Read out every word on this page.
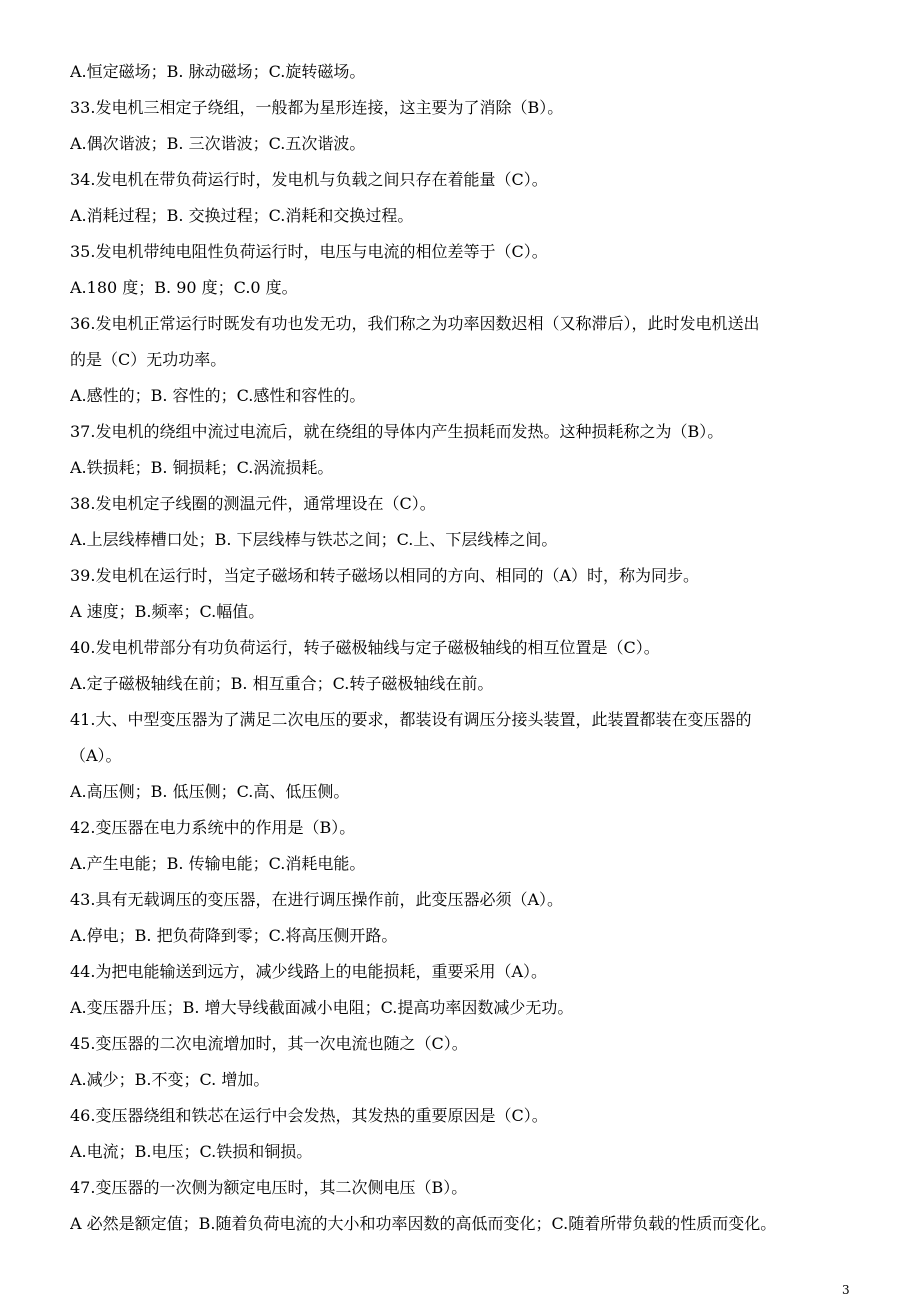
A.恒定磁场；B. 脉动磁场；C.旋转磁场。
33.发电机三相定子绕组，一般都为星形连接，这主要为了消除（B）。
A.偶次谐波；B. 三次谐波；C.五次谐波。
34.发电机在带负荷运行时，发电机与负载之间只存在着能量（C）。
A.消耗过程；B. 交换过程；C.消耗和交换过程。
35.发电机带纯电阻性负荷运行时，电压与电流的相位差等于（C）。
A.180 度；B. 90 度；C.0 度。
36.发电机正常运行时既发有功也发无功，我们称之为功率因数迟相（又称滞后），此时发电机送出
的是（C）无功功率。
A.感性的；B. 容性的；C.感性和容性的。
37.发电机的绕组中流过电流后，就在绕组的导体内产生损耗而发热。这种损耗称之为（B）。
A.铁损耗；B. 铜损耗；C.涡流损耗。
38.发电机定子线圈的测温元件，通常埋设在（C）。
A.上层线棒槽口处；B. 下层线棒与铁芯之间；C.上、下层线棒之间。
39.发电机在运行时，当定子磁场和转子磁场以相同的方向、相同的（A）时，称为同步。
A 速度；B.频率；C.幅值。
40.发电机带部分有功负荷运行，转子磁极轴线与定子磁极轴线的相互位置是（C）。
A.定子磁极轴线在前；B. 相互重合；C.转子磁极轴线在前。
41.大、中型变压器为了满足二次电压的要求，都装设有调压分接头装置，此装置都装在变压器的
（A）。
A.高压侧；B. 低压侧；C.高、低压侧。
42.变压器在电力系统中的作用是（B）。
A.产生电能；B. 传输电能；C.消耗电能。
43.具有无载调压的变压器，在进行调压操作前，此变压器必须（A）。
A.停电；B. 把负荷降到零；C.将高压侧开路。
44.为把电能输送到远方，减少线路上的电能损耗，重要采用（A）。
A.变压器升压；B. 增大导线截面减小电阻；C.提高功率因数减少无功。
45.变压器的二次电流增加时，其一次电流也随之（C）。
A.减少；B.不变；C. 增加。
46.变压器绕组和铁芯在运行中会发热，其发热的重要原因是（C）。
A.电流；B.电压；C.铁损和铜损。
47.变压器的一次侧为额定电压时，其二次侧电压（B）。
A 必然是额定值；B.随着负荷电流的大小和功率因数的高低而变化；C.随着所带负载的性质而变化。
3
